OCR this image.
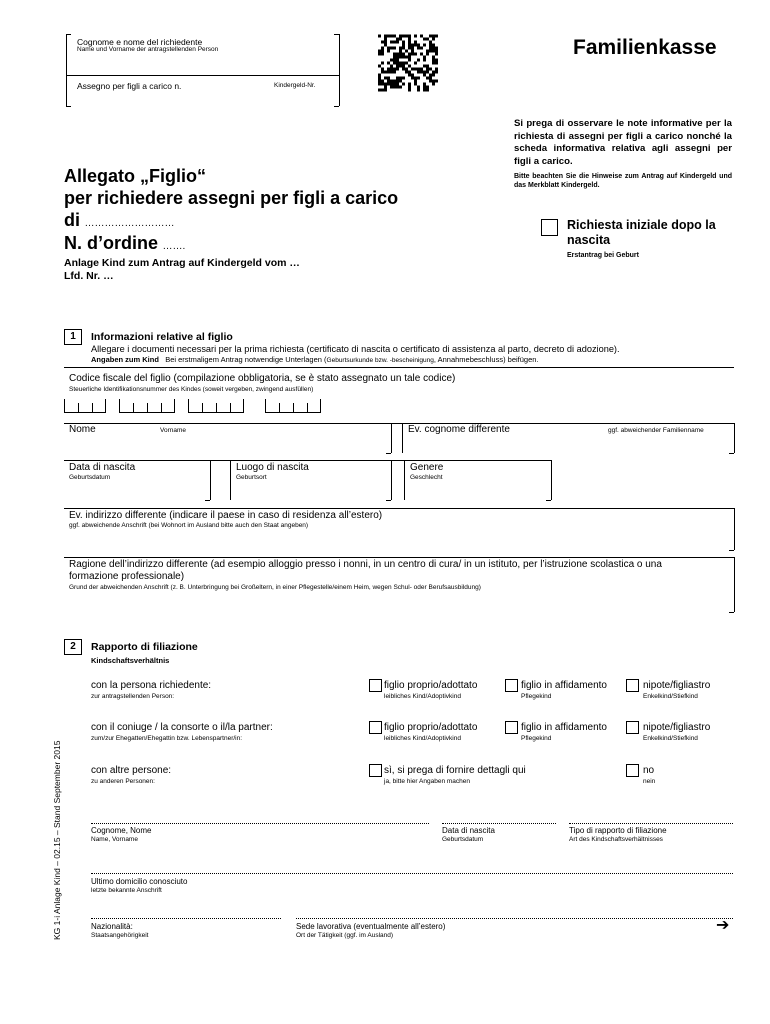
Cognome e nome del richiedente
Name und Vorname der antragstellenden Person
Assegno per figli a carico n.	Kindergeld-Nr.
Familienkasse
Si prega di osservare le note informative per la richiesta di assegni per figli a carico nonché la scheda informativa relativa agli assegni per figli a carico.
Bitte beachten Sie die Hinweise zum Antrag auf Kindergeld und das Merkblatt Kindergeld.
Allegato „Figlio“
per richiedere assegni per figli a carico
di ………………………
N. d’ordine …….
Anlage Kind zum Antrag auf Kindergeld vom …
Lfd. Nr. …
Richiesta iniziale dopo la nascita
Erstantrag bei Geburt
1	Informazioni relative al figlio
Allegare i documenti necessari per la prima richiesta (certificato di nascita o certificato di assistenza al parto, decreto di adozione).
Angaben zum Kind Bei erstmaligem Antrag notwendige Unterlagen (Geburtsurkunde bzw. -bescheinigung, Annahmebeschluss) beifügen.
Codice fiscale del figlio (compilazione obbligatoria, se è stato assegnato un tale codice)
Steuerliche Identifikationsnummer des Kindes (soweit vergeben, zwingend ausfüllen)
Nome	Vorname	Ev. cognome differente	ggf. abweichender Familienname
Data di nascita
Geburtsdatum
Luogo di nascita
Geburtsort
Genere
Geschlecht
Ev. indirizzo differente (indicare il paese in caso di residenza all’estero)
ggf. abweichende Anschrift (bei Wohnort im Ausland bitte auch den Staat angeben)
Ragione dell’indirizzo differente (ad esempio alloggio presso i nonni, in un centro di cura/ in un istituto, per l’istruzione scolastica o una
formazione professionale)
Grund der abweichenden Anschrift (z. B. Unterbringung bei Großeltern, in einer Pflegestelle/einem Heim, wegen Schul- oder Berufsausbildung)
2	Rapporto di filiazione
Kindschaftsverhältnis
con la persona richiedente:
zur antragstellenden Person:
figlio proprio/adottato
leibliches Kind/Adoptivkind
figlio in affidamento
Pflegekind
nipote/figliastro
Enkelkind/Stiefkind
con il coniuge / la consorte o il/la partner:
zum/zur Ehegatten/Ehegattin bzw. Lebenspartner/in:
figlio proprio/adottato
leibliches Kind/Adoptivkind
figlio in affidamento
Pflegekind
nipote/figliastro
Enkelkind/Stiefkind
con altre persone:
zu anderen Personen:
sì, si prega di fornire dettagli qui
ja, bitte hier Angaben machen
no
nein
Cognome, Nome
Name, Vorname
Data di nascita
Geburtsdatum
Tipo di rapporto di filiazione
Art des Kindschaftsverhältnisses
Ultimo domicilio conosciuto
letzte bekannte Anschrift
Nazionalità:
Staatsangehörigkeit
Sede lavorativa (eventualmente all’estero)
Ort der Tätigkeit (ggf. im Ausland)
KG 1-i Anlage Kind – 02.15 – Stand September 2015	➔
